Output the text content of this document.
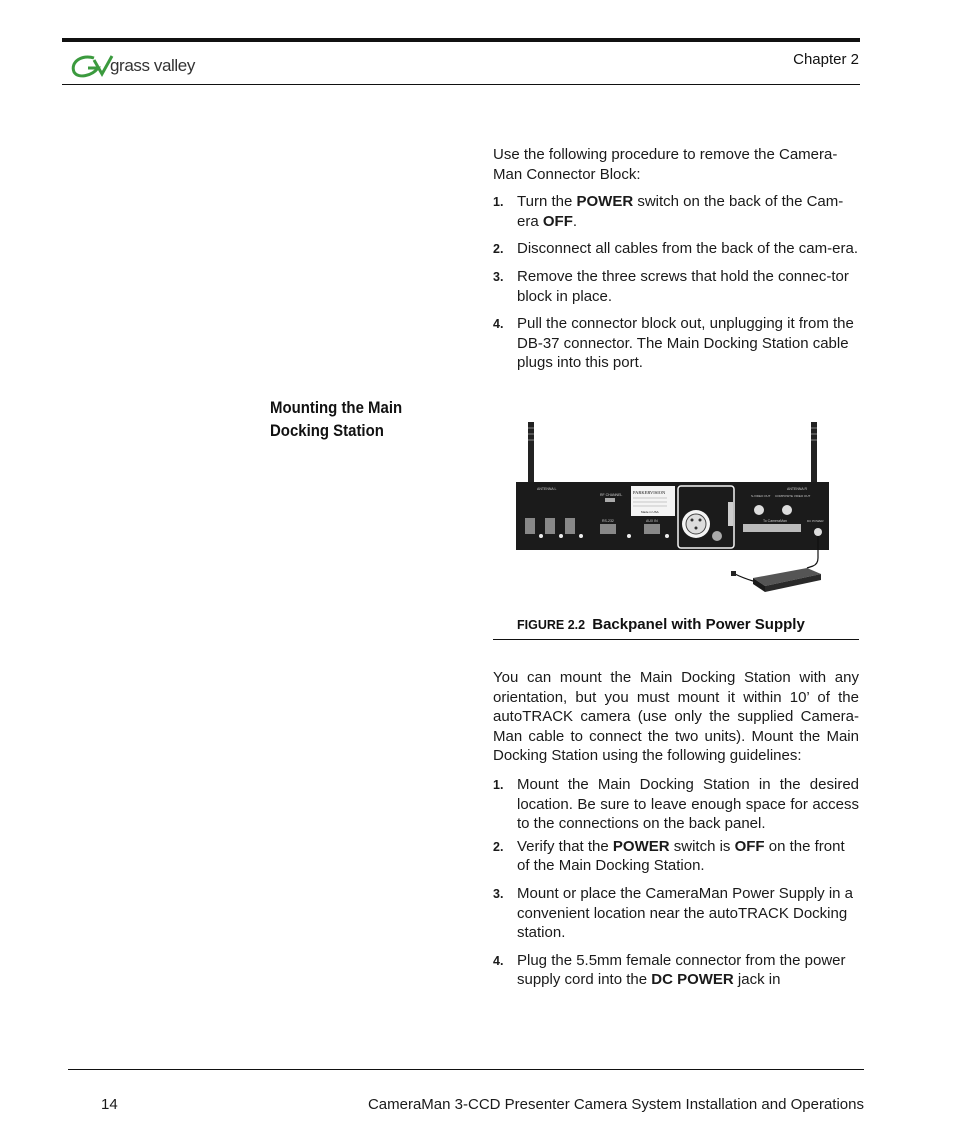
grass valley	Chapter 2

Use the following procedure to remove the Camera-Man Connector Block:

1. Turn the POWER switch on the back of the Cam-era OFF.
2. Disconnect all cables from the back of the cam-era.
3. Remove the three screws that hold the connec-tor block in place.
4. Pull the connector block out, unplugging it from the DB-37 connector. The Main Docking Station cable plugs into this port.
Mounting the Main
Docking Station
ANTENNA L	ANTENNA R
RF CHANNEL PARKERVISION
Made in USA
RS-232	AUX IN
S-VIDEO OUT COMPOSITE VIDEO OUT
To CameraMan	DC POWER
FIGURE 2.2 Backpanel with Power Supply

You can mount the Main Docking Station with any orientation, but you must mount it within 10’ of the autoTRACK camera (use only the supplied Camera-Man cable to connect the two units). Mount the Main Docking Station using the following guidelines:

1. Mount the Main Docking Station in the desired location. Be sure to leave enough space for access to the connections on the back panel.
2. Verify that the POWER switch is OFF on the front of the Main Docking Station.
3. Mount or place the CameraMan Power Supply in a convenient location near the autoTRACK Docking station.
4. Plug the 5.5mm female connector from the power supply cord into the DC POWER jack in
14	CameraMan 3-CCD Presenter Camera System Installation and Operations
